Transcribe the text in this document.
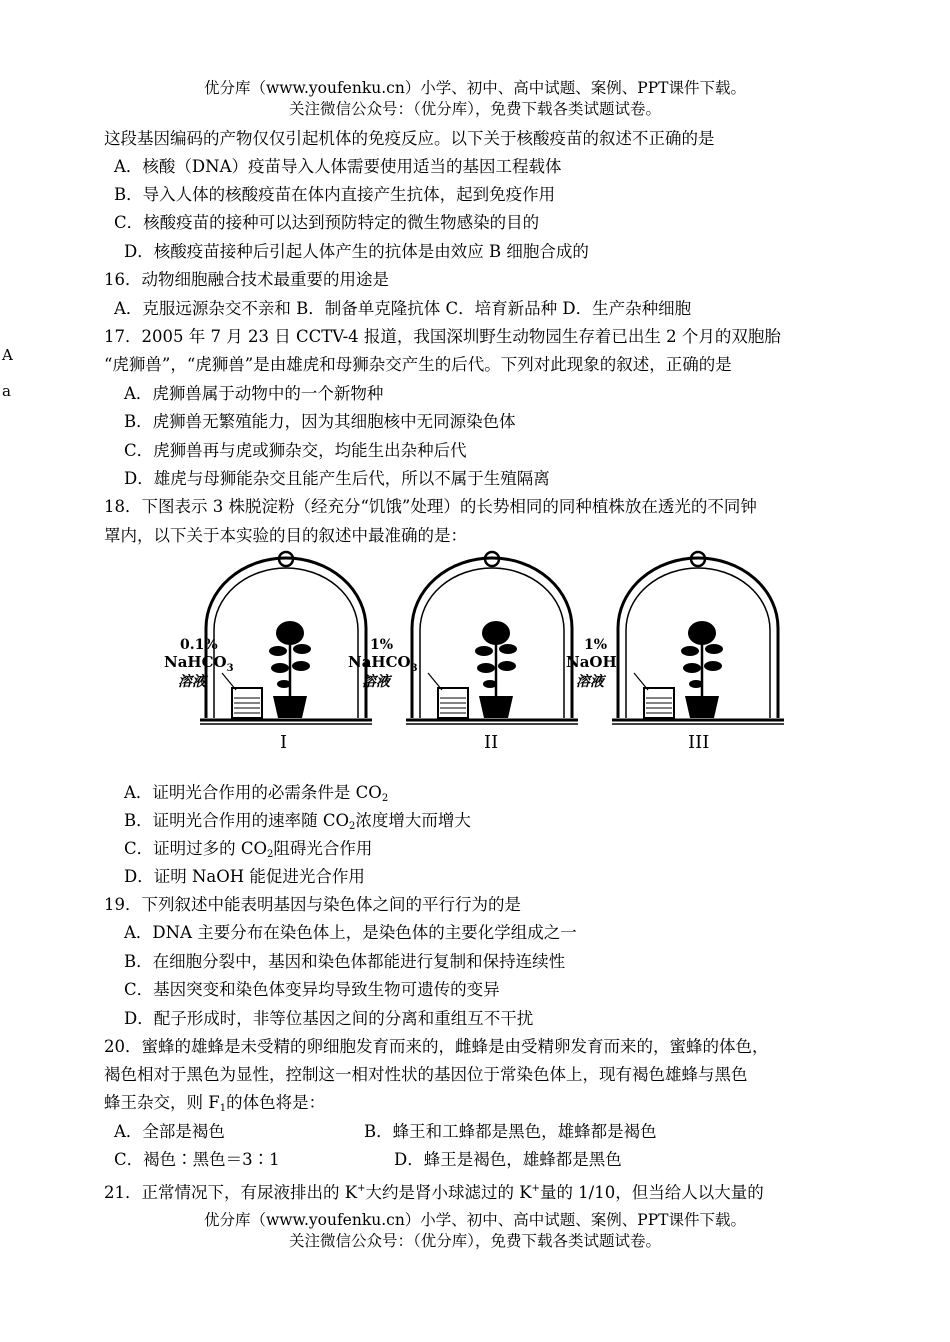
优分库（www.youfenku.cn）小学、初中、高中试题、案例、PPT课件下载。
关注微信公众号：（优分库），免费下载各类试题试卷。
A
a
这段基因编码的产物仅仅引起机体的免疫反应。以下关于核酸疫苗的叙述不正确的是
A．核酸（DNA）疫苗导入人体需要使用适当的基因工程载体
B．导入人体的核酸疫苗在体内直接产生抗体，起到免疫作用
C．核酸疫苗的接种可以达到预防特定的微生物感染的目的
D．核酸疫苗接种后引起人体产生的抗体是由效应 B 细胞合成的
16．动物细胞融合技术最重要的用途是
A．克服远源杂交不亲和 B．制备单克隆抗体 C．培育新品种 D．生产杂种细胞
17．2005 年 7 月 23 日 CCTV-4 报道，我国深圳野生动物园生存着已出生 2 个月的双胞胎
“虎狮兽”，“虎狮兽”是由雄虎和母狮杂交产生的后代。下列对此现象的叙述，正确的是
A．虎狮兽属于动物中的一个新物种
B．虎狮兽无繁殖能力，因为其细胞核中无同源染色体
C．虎狮兽再与虎或狮杂交，均能生出杂种后代
D．雄虎与母狮能杂交且能产生后代，所以不属于生殖隔离
18．下图表示 3 株脱淀粉（经充分“饥饿”处理）的长势相同的同种植株放在透光的不同钟
罩内，以下关于本实验的目的叙述中最准确的是：
0.1%
NaHCO$_3$
溶液
I
1%
NaHCO$_3$
溶液
II
1%
NaOH
溶液
III
A．证明光合作用的必需条件是 $CO_2$
B．证明光合作用的速率随 $CO_2$浓度增大而增大
C．证明过多的 $CO_2$阻碍光合作用
D．证明 NaOH 能促进光合作用
19．下列叙述中能表明基因与染色体之间的平行行为的是
A．DNA 主要分布在染色体上，是染色体的主要化学组成之一
B．在细胞分裂中，基因和染色体都能进行复制和保持连续性
C．基因突变和染色体变异均导致生物可遗传的变异
D．配子形成时，非等位基因之间的分离和重组互不干扰
20．蜜蜂的雄蜂是未受精的卵细胞发育而来的，雌蜂是由受精卵发育而来的，蜜蜂的体色，
褐色相对于黑色为显性，控制这一相对性状的基因位于常染色体上，现有褐色雄蜂与黑色
蜂王杂交，则 $F_1$的体色将是：
A．全部是褐色	B．蜂王和工蜂都是黑色，雄蜂都是褐色
C．褐色∶黑色＝3∶1	D．蜂王是褐色，雄蜂都是黑色
21．正常情况下，有尿液排出的 K+大约是肾小球滤过的 K+量的 1/10，但当给人以大量的
优分库（www.youfenku.cn）小学、初中、高中试题、案例、PPT课件下载。
关注微信公众号：（优分库），免费下载各类试题试卷。
